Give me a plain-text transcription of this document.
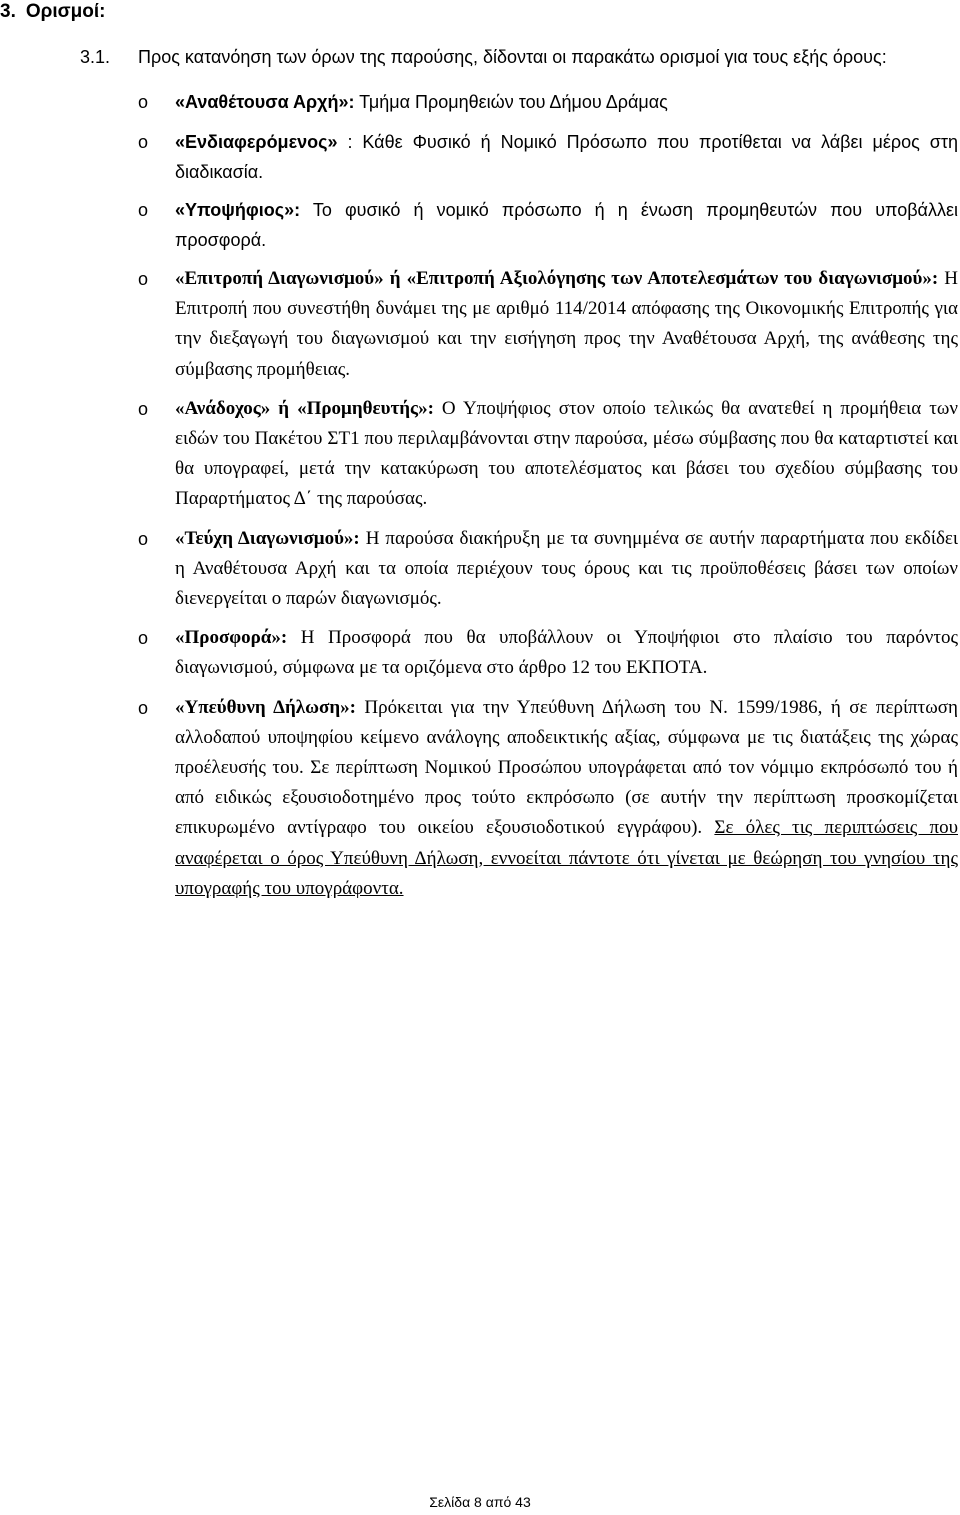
3. Ορισμοί:
3.1. Προς κατανόηση των όρων της παρούσης, δίδονται οι παρακάτω ορισμοί για τους εξής όρους:
o «Αναθέτουσα Αρχή»: Τμήμα Προμηθειών του Δήμου Δράμας
o «Ενδιαφερόμενος» : Κάθε Φυσικό ή Νομικό Πρόσωπο που προτίθεται να λάβει μέρος στη διαδικασία.
o «Υποψήφιος»: Το φυσικό ή νομικό πρόσωπο ή η ένωση προμηθευτών που υποβάλλει προσφορά.
o «Επιτροπή Διαγωνισμού» ή «Επιτροπή Αξιολόγησης των Αποτελεσμάτων του διαγωνισμού»: Η Επιτροπή που συνεστήθη δυνάμει της με αριθμό 114/2014 απόφασης της Οικονομικής Επιτροπής για την διεξαγωγή του διαγωνισμού και την εισήγηση προς την Αναθέτουσα Αρχή, της ανάθεσης της σύμβασης προμήθειας.
o «Ανάδοχος» ή «Προμηθευτής»: Ο Υποψήφιος στον οποίο τελικώς θα ανατεθεί η προμήθεια των ειδών του Πακέτου ΣΤ1 που περιλαμβάνονται στην παρούσα, μέσω σύμβασης που θα καταρτιστεί και θα υπογραφεί, μετά την κατακύρωση του αποτελέσματος και βάσει του σχεδίου σύμβασης του Παραρτήματος Δ΄ της παρούσας.
o «Τεύχη Διαγωνισμού»: Η παρούσα διακήρυξη με τα συνημμένα σε αυτήν παραρτήματα που εκδίδει η Αναθέτουσα Αρχή και τα οποία περιέχουν τους όρους και τις προϋποθέσεις βάσει των οποίων διενεργείται ο παρών διαγωνισμός.
o «Προσφορά»: Η Προσφορά που θα υποβάλλουν οι Υποψήφιοι στο πλαίσιο του παρόντος διαγωνισμού, σύμφωνα με τα οριζόμενα στο άρθρο 12 του ΕΚΠΟΤΑ.
o «Υπεύθυνη Δήλωση»: Πρόκειται για την Υπεύθυνη Δήλωση του Ν. 1599/1986, ή σε περίπτωση αλλοδαπού υποψηφίου κείμενο ανάλογης αποδεικτικής αξίας, σύμφωνα με τις διατάξεις της χώρας προέλευσής του. Σε περίπτωση Νομικού Προσώπου υπογράφεται από τον νόμιμο εκπρόσωπό του ή από ειδικώς εξουσιοδοτημένο προς τούτο εκπρόσωπο (σε αυτήν την περίπτωση προσκομίζεται επικυρωμένο αντίγραφο του οικείου εξουσιοδοτικού εγγράφου). Σε όλες τις περιπτώσεις που αναφέρεται ο όρος Υπεύθυνη Δήλωση, εννοείται πάντοτε ότι γίνεται με θεώρηση του γνησίου της υπογραφής του υπογράφοντα.
Σελίδα 8 από 43
